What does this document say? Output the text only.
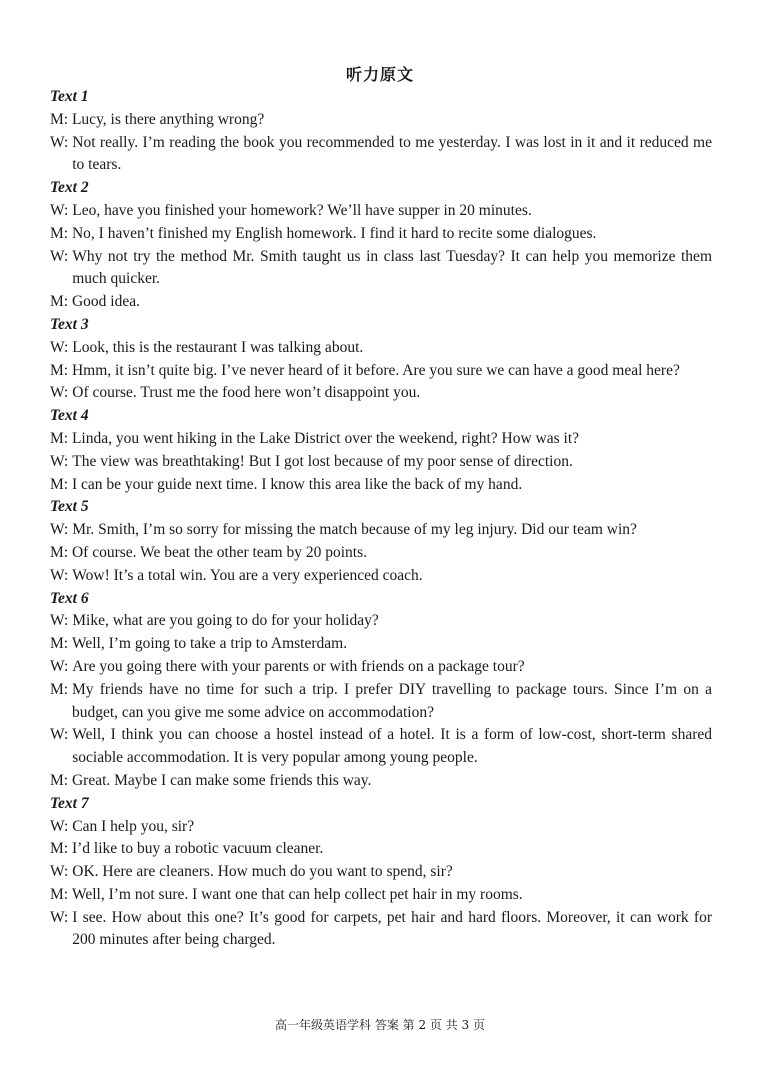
听力原文
Text 1
M:
Lucy, is there anything wrong?
W:
Not really. I’m reading the book you recommended to me yesterday. I was lost in it and it reduced me to tears.
Text 2
W:
Leo, have you finished your homework? We’ll have supper in 20 minutes.
M:
No, I haven’t finished my English homework. I find it hard to recite some dialogues.
W:
Why not try the method Mr. Smith taught us in class last Tuesday? It can help you memorize them much quicker.
M:
Good idea.
Text 3
W:
Look, this is the restaurant I was talking about.
M:
Hmm, it isn’t quite big. I’ve never heard of it before. Are you sure we can have a good meal here?
W:
Of course. Trust me the food here won’t disappoint you.
Text 4
M:
Linda, you went hiking in the Lake District over the weekend, right? How was it?
W:
The view was breathtaking! But I got lost because of my poor sense of direction.
M:
I can be your guide next time. I know this area like the back of my hand.
Text 5
W:
Mr. Smith, I’m so sorry for missing the match because of my leg injury. Did our team win?
M:
Of course. We beat the other team by 20 points.
W:
Wow! It’s a total win. You are a very experienced coach.
Text 6
W:
Mike, what are you going to do for your holiday?
M:
Well, I’m going to take a trip to Amsterdam.
W:
Are you going there with your parents or with friends on a package tour?
M:
My friends have no time for such a trip. I prefer DIY travelling to package tours. Since I’m on a budget, can you give me some advice on accommodation?
W:
Well, I think you can choose a hostel instead of a hotel. It is a form of low-cost, short-term shared sociable accommodation. It is very popular among young people.
M:
Great. Maybe I can make some friends this way.
Text 7
W:
Can I help you, sir?
M:
I’d like to buy a robotic vacuum cleaner.
W:
OK. Here are cleaners. How much do you want to spend, sir?
M:
Well, I’m not sure. I want one that can help collect pet hair in my rooms.
W:
I see. How about this one? It’s good for carpets, pet hair and hard floors. Moreover, it can work for 200 minutes after being charged.
高一年级英语学科 答案 第 2 页 共 3 页
